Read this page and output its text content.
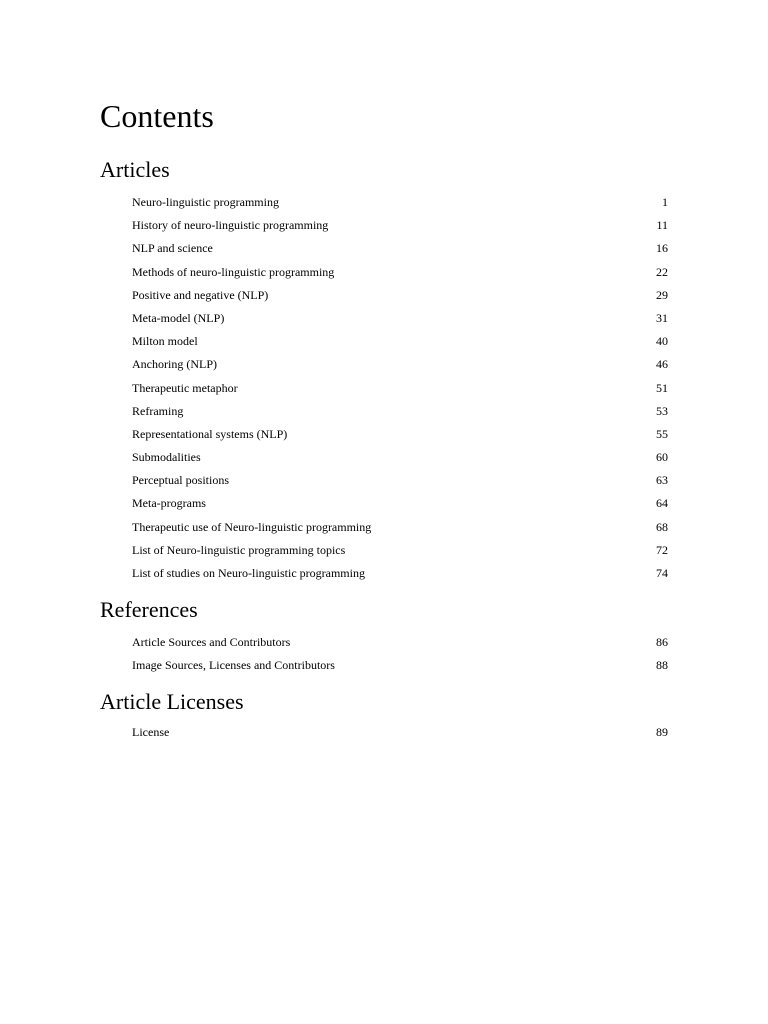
Contents
Articles
Neuro-linguistic programming	1
History of neuro-linguistic programming	11
NLP and science	16
Methods of neuro-linguistic programming	22
Positive and negative (NLP)	29
Meta-model (NLP)	31
Milton model	40
Anchoring (NLP)	46
Therapeutic metaphor	51
Reframing	53
Representational systems (NLP)	55
Submodalities	60
Perceptual positions	63
Meta-programs	64
Therapeutic use of Neuro-linguistic programming	68
List of Neuro-linguistic programming topics	72
List of studies on Neuro-linguistic programming	74
References
Article Sources and Contributors	86
Image Sources, Licenses and Contributors	88
Article Licenses
License	89
